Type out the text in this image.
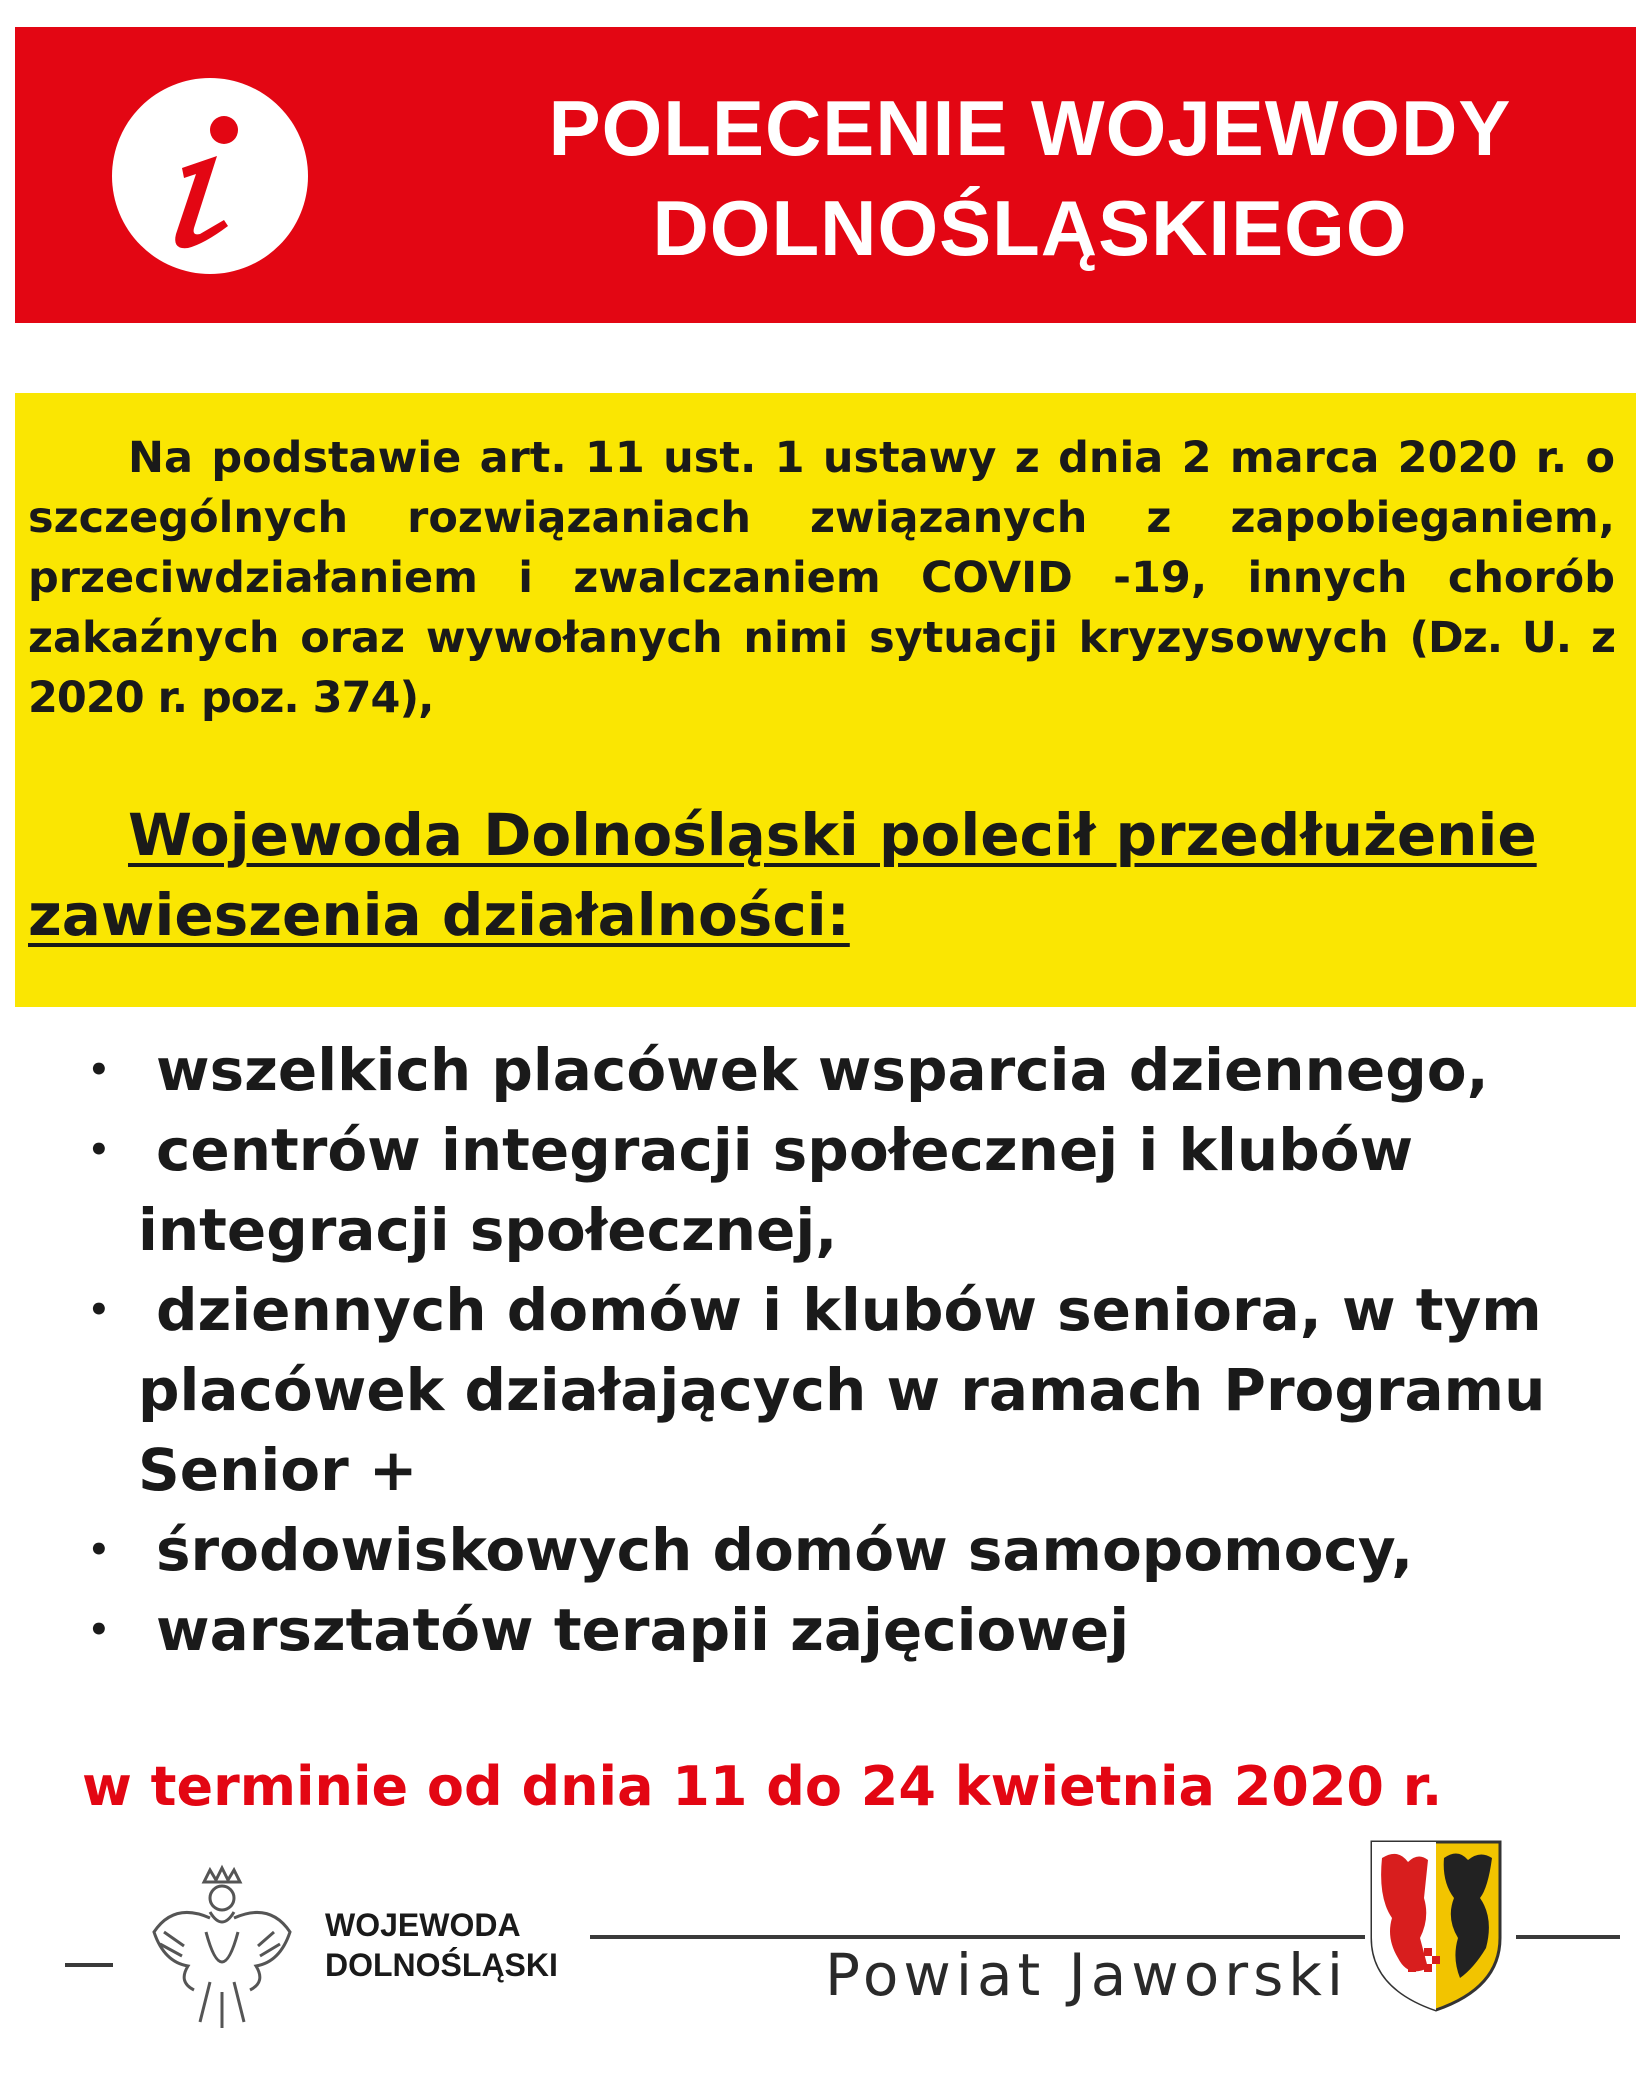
POLECENIE WOJEWODY
DOLNOŚLĄSKIEGO
Na podstawie art. 11 ust. 1 ustawy z dnia 2 marca 2020 r. o szczególnych rozwiązaniach związanych z zapobieganiem, przeciwdziałaniem i zwalczaniem COVID -19, innych chorób zakaźnych oraz wywołanych nimi sytuacji kryzysowych (Dz. U. z 2020 r. poz. 374),
Wojewoda Dolnośląski polecił przedłużenie
zawieszenia działalności:
• wszelkich placówek wsparcia dziennego,
• centrów integracji społecznej i klubów integracji społecznej,
• dziennych domów i klubów seniora, w tym placówek działających w ramach Programu Senior +
• środowiskowych domów samopomocy,
• warsztatów terapii zajęciowej
w terminie od dnia 11 do 24 kwietnia 2020 r.
WOJEWODA
DOLNOŚLĄSKI	Powiat Jaworski
